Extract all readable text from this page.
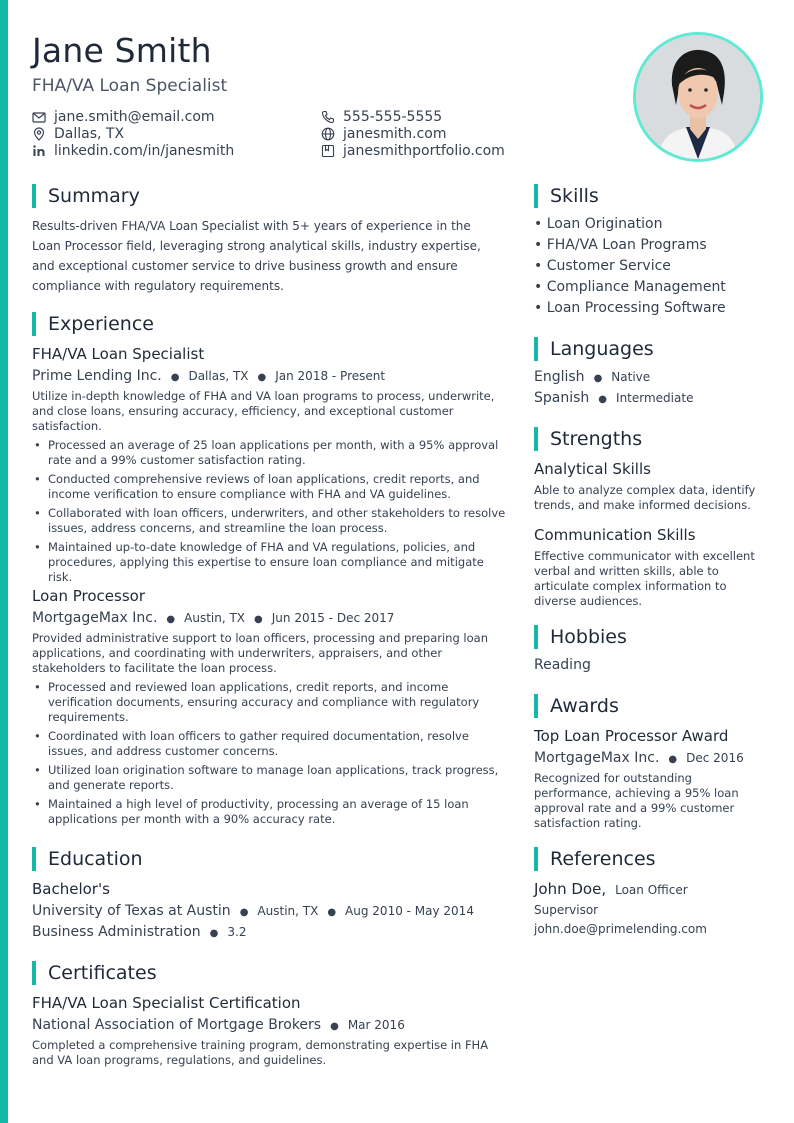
Jane Smith
FHA/VA Loan Specialist
jane.smith@email.com
Dallas, TX
linkedin.com/in/janesmith
555-555-5555
janesmith.com
janesmithportfolio.com
Summary
Results-driven FHA/VA Loan Specialist with 5+ years of experience in the Loan Processor field, leveraging strong analytical skills, industry expertise, and exceptional customer service to drive business growth and ensure compliance with regulatory requirements.
Experience
FHA/VA Loan Specialist
Prime Lending Inc. ● Dallas, TX ● Jan 2018 - Present
Utilize in-depth knowledge of FHA and VA loan programs to process, underwrite, and close loans, ensuring accuracy, efficiency, and exceptional customer satisfaction.
• Processed an average of 25 loan applications per month, with a 95% approval rate and a 99% customer satisfaction rating.
• Conducted comprehensive reviews of loan applications, credit reports, and income verification to ensure compliance with FHA and VA guidelines.
• Collaborated with loan officers, underwriters, and other stakeholders to resolve issues, address concerns, and streamline the loan process.
• Maintained up-to-date knowledge of FHA and VA regulations, policies, and procedures, applying this expertise to ensure loan compliance and mitigate risk.
Loan Processor
MortgageMax Inc. ● Austin, TX ● Jun 2015 - Dec 2017
Provided administrative support to loan officers, processing and preparing loan applications, and coordinating with underwriters, appraisers, and other stakeholders to facilitate the loan process.
• Processed and reviewed loan applications, credit reports, and income verification documents, ensuring accuracy and compliance with regulatory requirements.
• Coordinated with loan officers to gather required documentation, resolve issues, and address customer concerns.
• Utilized loan origination software to manage loan applications, track progress, and generate reports.
• Maintained a high level of productivity, processing an average of 15 loan applications per month with a 90% accuracy rate.
Education
Bachelor's
University of Texas at Austin ● Austin, TX ● Aug 2010 - May 2014
Business Administration ● 3.2
Certificates
FHA/VA Loan Specialist Certification
National Association of Mortgage Brokers ● Mar 2016
Completed a comprehensive training program, demonstrating expertise in FHA and VA loan programs, regulations, and guidelines.
Skills
• Loan Origination
• FHA/VA Loan Programs
• Customer Service
• Compliance Management
• Loan Processing Software
Languages
English ● Native
Spanish ● Intermediate
Strengths
Analytical Skills
Able to analyze complex data, identify trends, and make informed decisions.
Communication Skills
Effective communicator with excellent verbal and written skills, able to articulate complex information to diverse audiences.
Hobbies
Reading
Awards
Top Loan Processor Award
MortgageMax Inc. ● Dec 2016
Recognized for outstanding performance, achieving a 95% loan approval rate and a 99% customer satisfaction rating.
References
John Doe, Loan Officer
Supervisor
john.doe@primelending.com
